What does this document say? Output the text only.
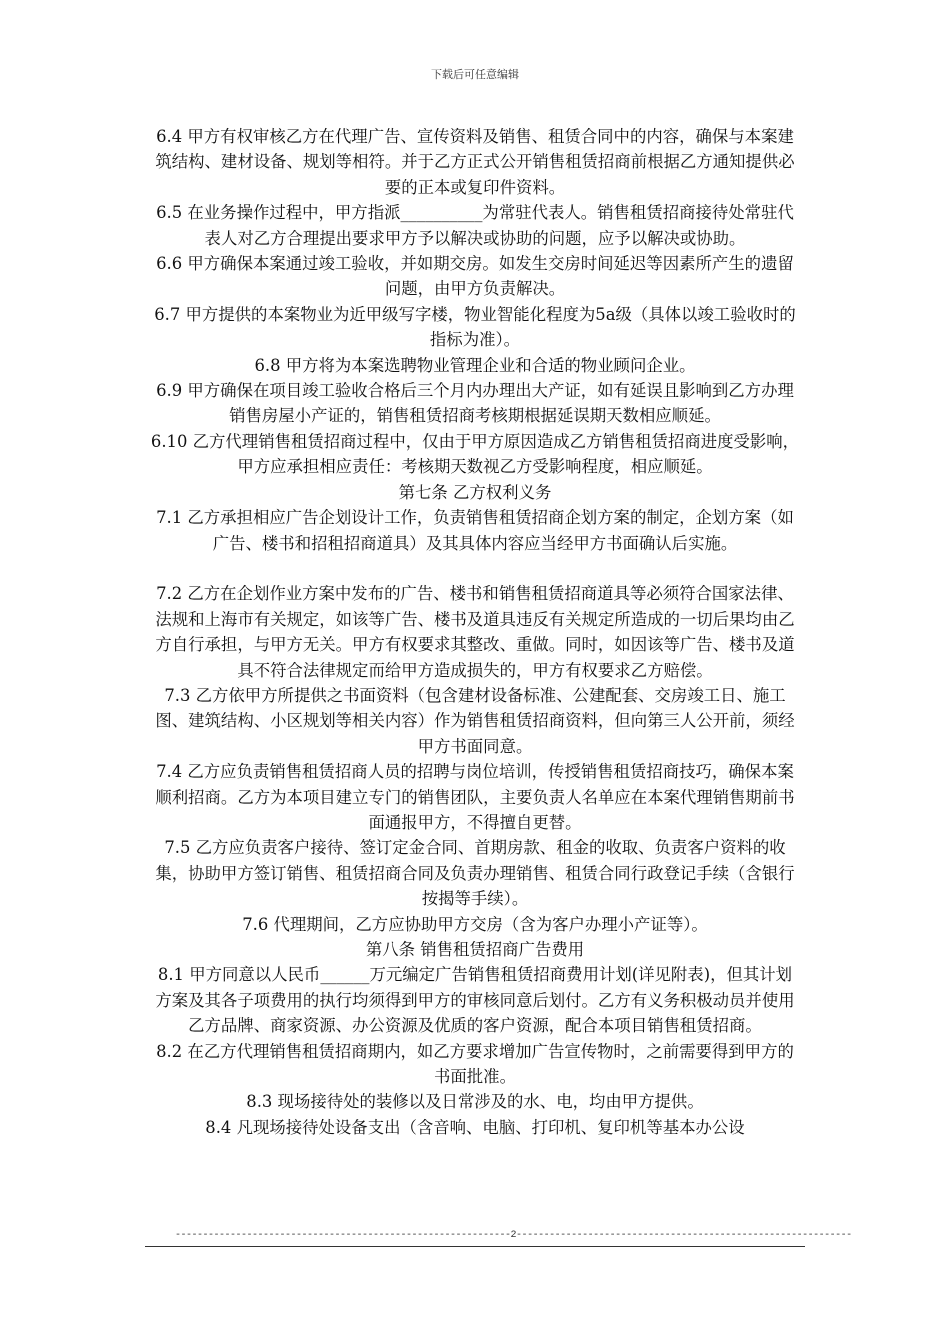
下载后可任意编辑

6.4 甲方有权审核乙方在代理广告、宣传资料及销售、租赁合同中的内容，确保与本案建筑结构、建材设备、规划等相符。并于乙方正式公开销售租赁招商前根据乙方通知提供必要的正本或复印件资料。

6.5 在业务操作过程中，甲方指派__________为常驻代表人。销售租赁招商接待处常驻代表人对乙方合理提出要求甲方予以解决或协助的问题，应予以解决或协助。

6.6 甲方确保本案通过竣工验收，并如期交房。如发生交房时间延迟等因素所产生的遗留问题，由甲方负责解决。

6.7 甲方提供的本案物业为近甲级写字楼，物业智能化程度为5a级（具体以竣工验收时的指标为准）。

6.8 甲方将为本案选聘物业管理企业和合适的物业顾问企业。

6.9 甲方确保在项目竣工验收合格后三个月内办理出大产证，如有延误且影响到乙方办理销售房屋小产证的，销售租赁招商考核期根据延误期天数相应顺延。

6.10 乙方代理销售租赁招商过程中，仅由于甲方原因造成乙方销售租赁招商进度受影响，甲方应承担相应责任：考核期天数视乙方受影响程度，相应顺延。

第七条 乙方权利义务

7.1 乙方承担相应广告企划设计工作，负责销售租赁招商企划方案的制定，企划方案（如广告、楼书和招租招商道具）及其具体内容应当经甲方书面确认后实施。

7.2 乙方在企划作业方案中发布的广告、楼书和销售租赁招商道具等必须符合国家法律、法规和上海市有关规定，如该等广告、楼书及道具违反有关规定所造成的一切后果均由乙方自行承担，与甲方无关。甲方有权要求其整改、重做。同时，如因该等广告、楼书及道具不符合法律规定而给甲方造成损失的，甲方有权要求乙方赔偿。

7.3 乙方依甲方所提供之书面资料（包含建材设备标准、公建配套、交房竣工日、施工图、建筑结构、小区规划等相关内容）作为销售租赁招商资料，但向第三人公开前，须经甲方书面同意。

7.4 乙方应负责销售租赁招商人员的招聘与岗位培训，传授销售租赁招商技巧，确保本案顺利招商。乙方为本项目建立专门的销售团队，主要负责人名单应在本案代理销售期前书面通报甲方，不得擅自更替。

7.5 乙方应负责客户接待、签订定金合同、首期房款、租金的收取、负责客户资料的收集，协助甲方签订销售、租赁招商合同及负责办理销售、租赁合同行政登记手续（含银行按揭等手续）。

7.6 代理期间，乙方应协助甲方交房（含为客户办理小产证等）。

第八条 销售租赁招商广告费用

8.1 甲方同意以人民币______万元编定广告销售租赁招商费用计划(详见附表)，但其计划方案及其各子项费用的执行均须得到甲方的审核同意后划付。乙方有义务积极动员并使用乙方品牌、商家资源、办公资源及优质的客户资源，配合本项目销售租赁招商。

8.2 在乙方代理销售租赁招商期内，如乙方要求增加广告宣传物时，之前需要得到甲方的书面批准。

8.3 现场接待处的装修以及日常涉及的水、电，均由甲方提供。

8.4 凡现场接待处设备支出（含音响、电脑、打印机、复印机等基本办公设

-------------------------------------------------------------2-------------------------------------------------------------
